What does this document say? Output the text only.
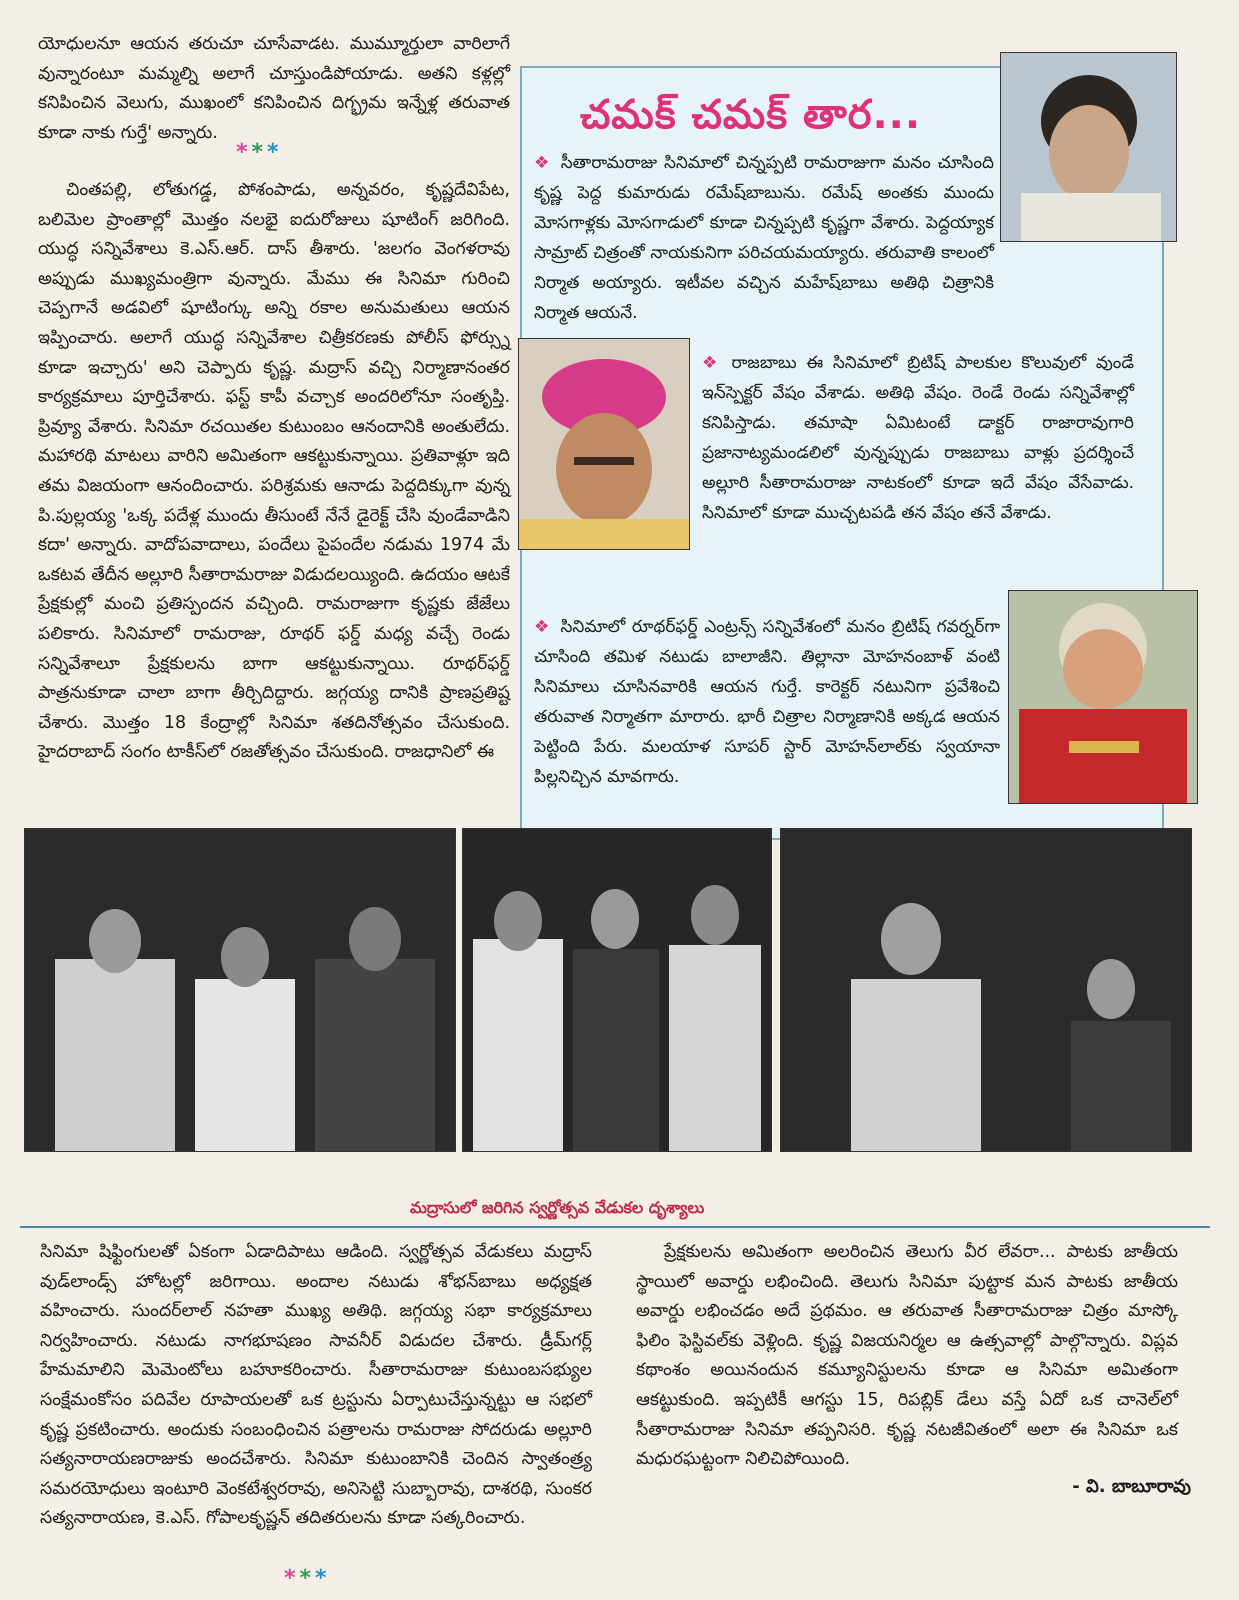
యోధులనూ ఆయన తరుచూ చూసేవాడట. ముమ్మూర్తులా వారిలాగే వున్నారంటూ మమ్మల్ని అలాగే చూస్తుండిపోయాడు. అతని కళ్లల్లో కనిపించిన వెలుగు, ముఖంలో కనిపించిన దిగ్భ్రమ ఇన్నేళ్ల తరువాత కూడా నాకు గుర్తే' అన్నారు.

***

చింతపల్లి, లోతుగడ్డ, పోశంపాడు, అన్నవరం, కృష్ణదేవిపేట, బలిమెల ప్రాంతాల్లో మొత్తం నలభై ఐదురోజులు షూటింగ్ జరిగింది. యుద్ధ సన్నివేశాలు కె.ఎస్.ఆర్. దాస్ తీశారు. 'జలగం వెంగళరావు అప్పుడు ముఖ్యమంత్రిగా వున్నారు. మేము ఈ సినిమా గురించి చెప్పగానే అడవిలో షూటింగ్కు అన్ని రకాల అనుమతులు ఆయన ఇప్పించారు. అలాగే యుద్ధ సన్నివేశాల చిత్రీకరణకు పోలీస్ ఫోర్స్ను కూడా ఇచ్చారు' అని చెప్పారు కృష్ణ. మద్రాస్ వచ్చి నిర్మాణానంతర కార్యక్రమాలు పూర్తిచేశారు. ఫస్ట్ కాపీ వచ్చాక అందరిలోనూ సంతృప్తి. ప్రివ్యూ వేశారు. సినిమా రచయితల కుటుంబం ఆనందానికి అంతులేదు. మహారథి మాటలు వారిని అమితంగా ఆకట్టుకున్నాయి. ప్రతివాళ్లూ ఇది తమ విజయంగా ఆనందించారు. పరిశ్రమకు ఆనాడు పెద్దదిక్కుగా వున్న పి.పుల్లయ్య 'ఒక్క పదేళ్ల ముందు తీసుంటే నేనే డైరెక్ట్ చేసి వుండేవాడిని కదా' అన్నారు. వాదోపవాదాలు, పందేలు పైపందేల నడుమ 1974 మే ఒకటవ తేదీన అల్లూరి సీతారామరాజు విడుదలయ్యింది. ఉదయం ఆటకే ప్రేక్షకుల్లో మంచి ప్రతిస్పందన వచ్చింది. రామరాజుగా కృష్ణకు జేజేలు పలికారు. సినిమాలో రామరాజు, రూథర్ ఫర్డ్ మధ్య వచ్చే రెండు సన్నివేశాలూ ప్రేక్షకులను బాగా ఆకట్టుకున్నాయి. రూథర్‌ఫర్డ్ పాత్రనుకూడా చాలా బాగా తీర్చిదిద్దారు. జగ్గయ్య దానికి ప్రాణప్రతిష్ట చేశారు. మొత్తం 18 కేంద్రాల్లో సినిమా శతదినోత్సవం చేసుకుంది. హైదరాబాద్ సంగం టాకీస్‌లో రజతోత్సవం చేసుకుంది. రాజధానిలో ఈ

చమక్ చమక్ తార...
❖ సీతారామరాజు సినిమాలో చిన్నప్పటి రామరాజుగా మనం చూసింది కృష్ణ పెద్ద కుమారుడు రమేష్‌బాబును. రమేష్ అంతకు ముందు మోసగాళ్లకు మోసగాడులో కూడా చిన్నప్పటి కృష్ణగా వేశారు. పెద్దయ్యాక సామ్రాట్ చిత్రంతో నాయకునిగా పరిచయమయ్యారు. తరువాతి కాలంలో నిర్మాత అయ్యారు. ఇటీవల వచ్చిన మహేష్‌బాబు అతిథి చిత్రానికి నిర్మాత ఆయనే.
❖ రాజబాబు ఈ సినిమాలో బ్రిటిష్ పాలకుల కొలువులో వుండే ఇన్‌స్పెక్టర్ వేషం వేశాడు. అతిథి వేషం. రెండే రెండు సన్నివేశాల్లో కనిపిస్తాడు. తమాషా ఏమిటంటే డాక్టర్ రాజారావుగారి ప్రజానాట్యమండలిలో వున్నప్పుడు రాజబాబు వాళ్లు ప్రదర్శించే అల్లూరి సీతారామరాజు నాటకంలో కూడా ఇదే వేషం వేసేవాడు. సినిమాలో కూడా ముచ్చటపడి తన వేషం తనే వేశాడు.
❖ సినిమాలో రూథర్‌ఫర్డ్ ఎంట్రన్స్ సన్నివేశంలో మనం బ్రిటిష్ గవర్నర్‌గా చూసింది తమిళ నటుడు బాలాజీని. తిల్లానా మోహనంబాళ్ వంటి సినిమాలు చూసినవారికి ఆయన గుర్తే. కారెక్టర్ నటునిగా ప్రవేశించి తరువాత నిర్మాతగా మారారు. భారీ చిత్రాల నిర్మాణానికి అక్కడ ఆయన పెట్టింది పేరు. మలయాళ సూపర్ స్టార్ మోహన్‌లాల్‌కు స్వయానా పిల్లనిచ్చిన మావగారు.
మద్రాసులో జరిగిన స్వర్ణోత్సవ వేడుకల దృశ్యాలు

సినిమా షిఫ్టింగులతో ఏకంగా ఏడాదిపాటు ఆడింది. స్వర్ణోత్సవ వేడుకలు మద్రాస్ వుడ్‌లాండ్స్ హోటల్లో జరిగాయి. అందాల నటుడు శోభన్‌బాబు అధ్యక్షత వహించారు. సుందర్‌లాల్ నహతా ముఖ్య అతిథి. జగ్గయ్య సభా కార్యక్రమాలు నిర్వహించారు. నటుడు నాగభూషణం సావనీర్ విడుదల చేశారు. డ్రీమ్‌గర్ల్ హేమమాలిని మెమెంటోలు బహూకరించారు. సీతారామరాజు కుటుంబసభ్యుల సంక్షేమంకోసం పదివేల రూపాయలతో ఒక ట్రస్టును ఏర్పాటుచేస్తున్నట్టు ఆ సభలో కృష్ణ ప్రకటించారు. అందుకు సంబంధించిన పత్రాలను రామరాజు సోదరుడు అల్లూరి సత్యనారాయణరాజుకు అందచేశారు. సినిమా కుటుంబానికి చెందిన స్వాతంత్ర్య సమరయోధులు ఇంటూరి వెంకటేశ్వరరావు, అనిసెట్టి సుబ్బారావు, దాశరథి, సుంకర సత్యనారాయణ, కె.ఎస్. గోపాలకృష్ణన్ తదితరులను కూడా సత్కరించారు.

ప్రేక్షకులను అమితంగా అలరించిన తెలుగు వీర లేవరా... పాటకు జాతీయ స్థాయిలో అవార్డు లభించింది. తెలుగు సినిమా పుట్టాక మన పాటకు జాతీయ అవార్డు లభించడం అదే ప్రథమం. ఆ తరువాత సీతారామరాజు చిత్రం మాస్కో ఫిలిం ఫెస్టివల్‌కు వెళ్లింది. కృష్ణ విజయనిర్మల ఆ ఉత్సవాల్లో పాల్గొన్నారు. విప్లవ కథాంశం అయినందున కమ్యూనిస్టులను కూడా ఆ సినిమా అమితంగా ఆకట్టుకుంది. ఇప్పటికీ ఆగస్టు 15, రిపబ్లిక్ డేలు వస్తే ఏదో ఒక చానెల్‌లో సీతారామరాజు సినిమా తప్పనిసరి. కృష్ణ నటజీవితంలో అలా ఈ సినిమా ఒక మధురఘట్టంగా నిలిచిపోయింది.

- వి. బాబూరావు
***
